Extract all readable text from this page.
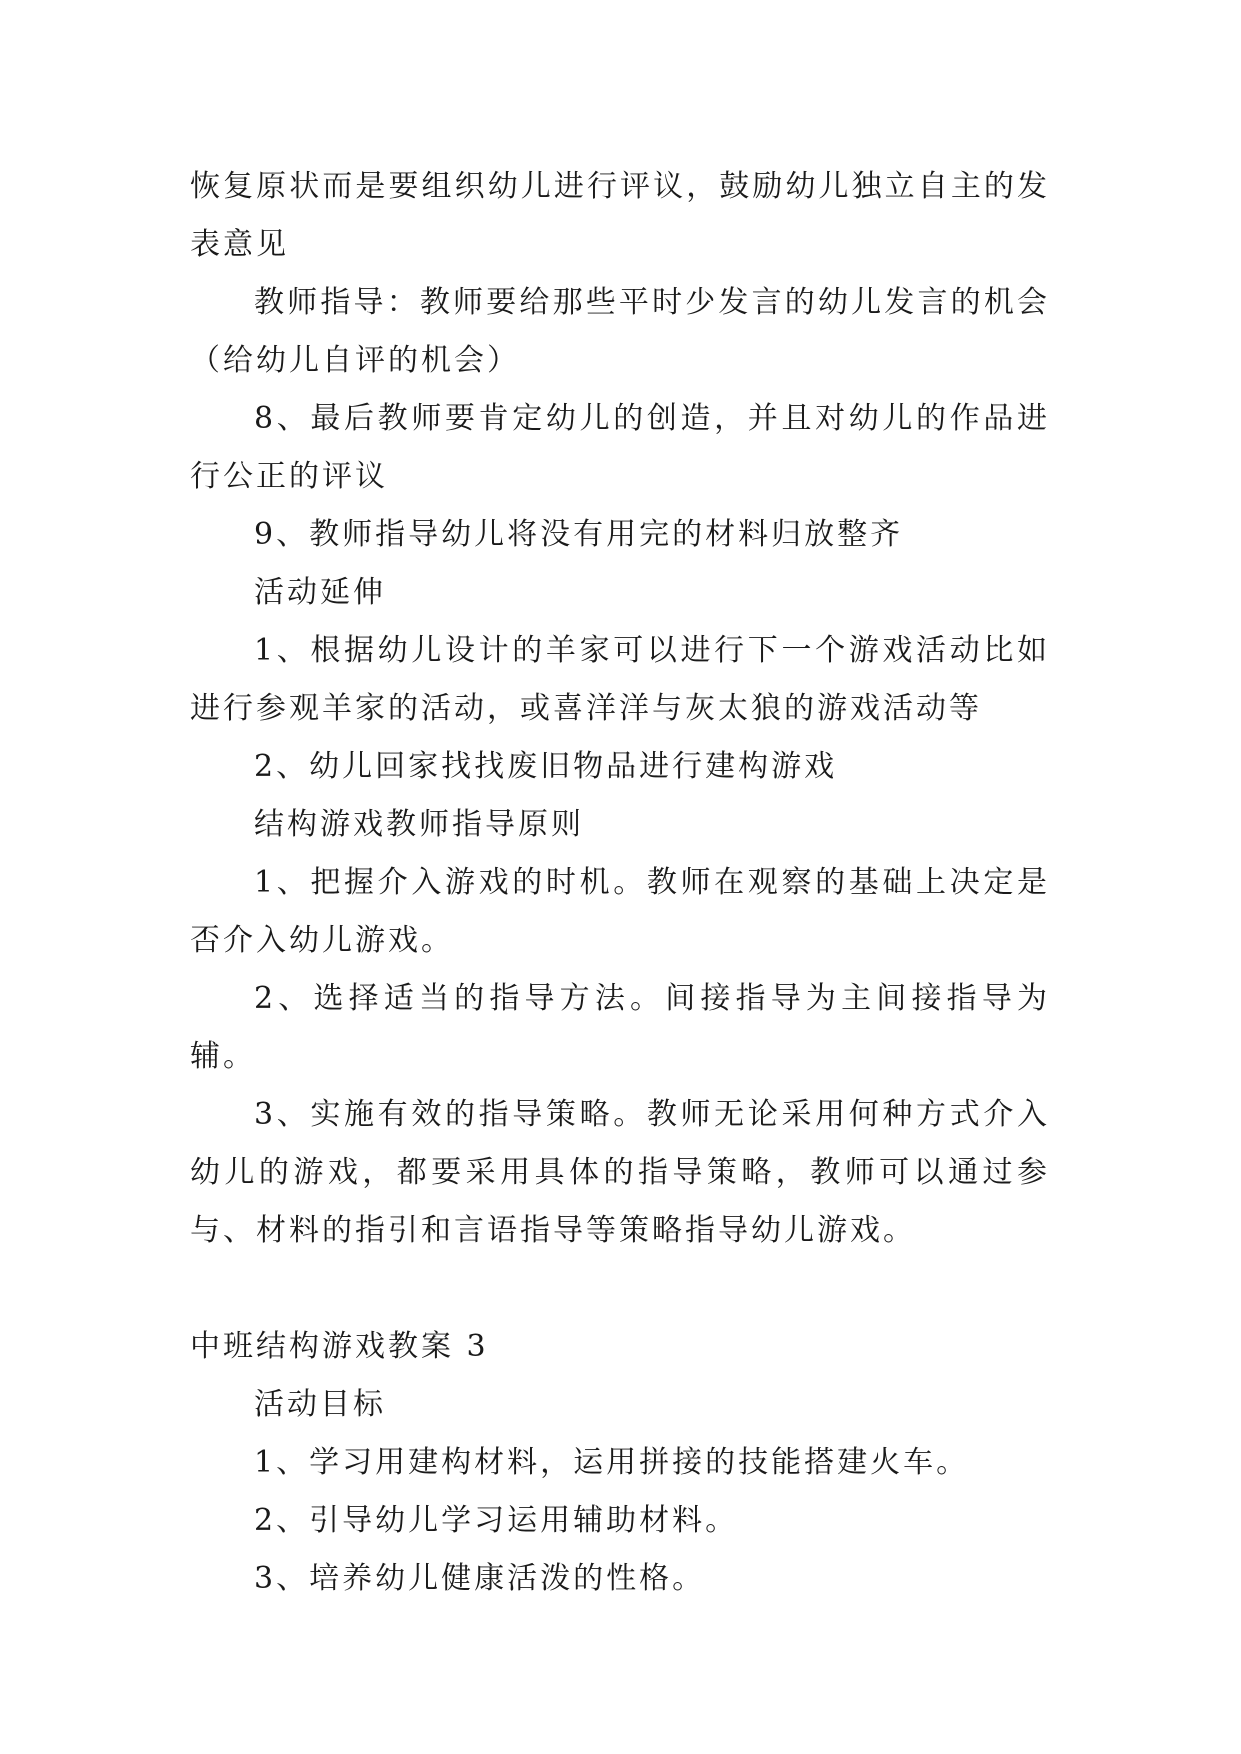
恢复原状而是要组织幼儿进行评议，鼓励幼儿独立自主的发表意见

教师指导：教师要给那些平时少发言的幼儿发言的机会（给幼儿自评的机会）

8、最后教师要肯定幼儿的创造，并且对幼儿的作品进行公正的评议

9、教师指导幼儿将没有用完的材料归放整齐

活动延伸

1、根据幼儿设计的羊家可以进行下一个游戏活动比如进行参观羊家的活动，或喜洋洋与灰太狼的游戏活动等

2、幼儿回家找找废旧物品进行建构游戏

结构游戏教师指导原则

1、把握介入游戏的时机。教师在观察的基础上决定是否介入幼儿游戏。

2、选择适当的指导方法。间接指导为主间接指导为辅。

3、实施有效的指导策略。教师无论采用何种方式介入幼儿的游戏，都要采用具体的指导策略，教师可以通过参与、材料的指引和言语指导等策略指导幼儿游戏。

中班结构游戏教案 3

活动目标

1、学习用建构材料，运用拼接的技能搭建火车。

2、引导幼儿学习运用辅助材料。

3、培养幼儿健康活泼的性格。
